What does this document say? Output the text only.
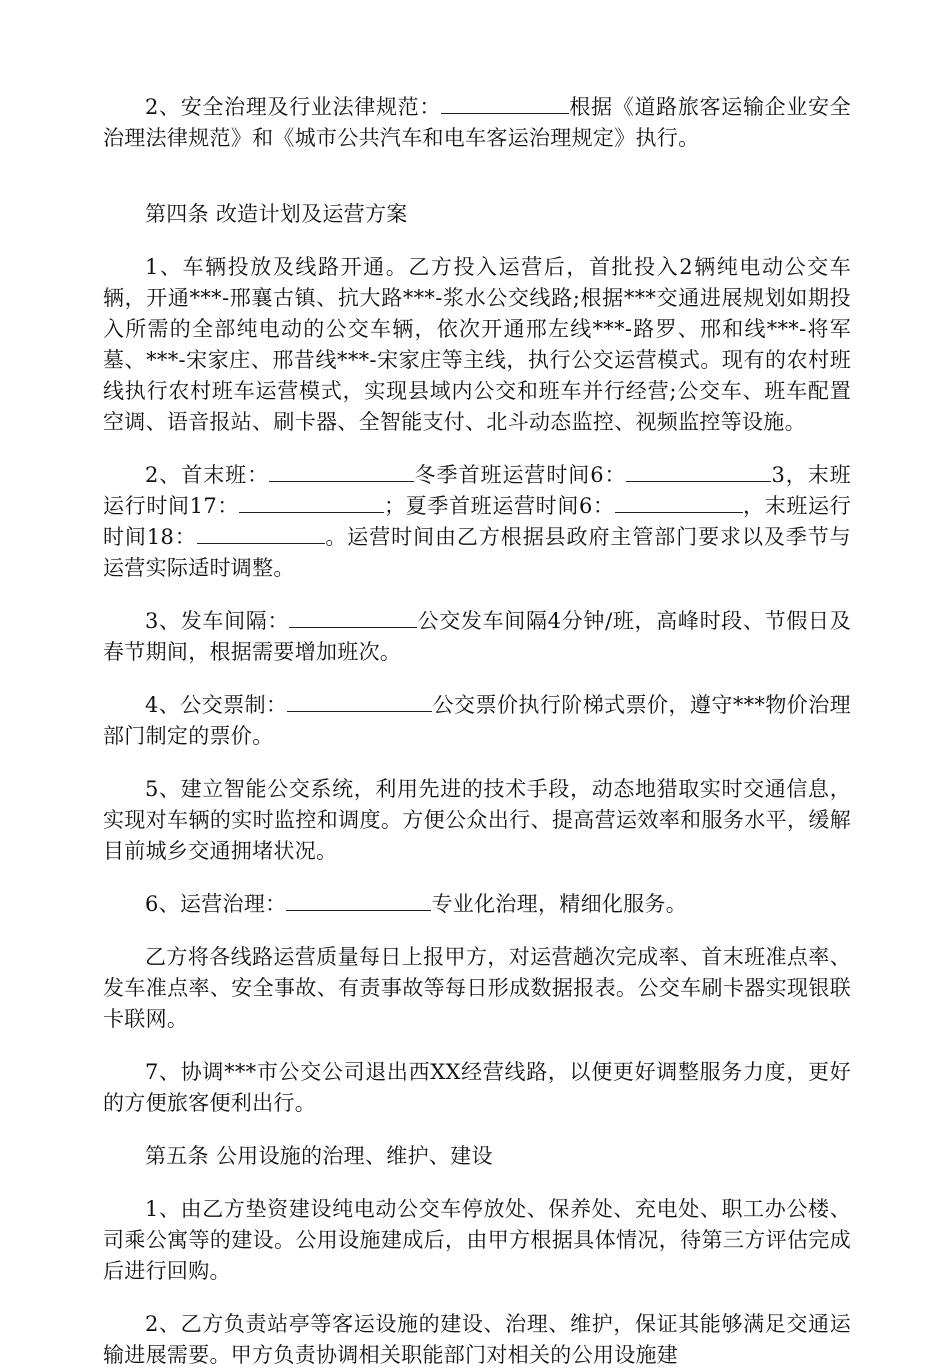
2、安全治理及行业法律规范：	根据《道路旅客运输企业安全治理法律规范》和《城市公共汽车和电车客运治理规定》执行。

第四条 改造计划及运营方案

1、车辆投放及线路开通。乙方投入运营后，首批投入2辆纯电动公交车辆，开通***-邢襄古镇、抗大路***-浆水公交线路;根据***交通进展规划如期投入所需的全部纯电动的公交车辆，依次开通邢左线***-路罗、邢和线***-将军墓、***-宋家庄、邢昔线***-宋家庄等主线，执行公交运营模式。现有的农村班线执行农村班车运营模式，实现县域内公交和班车并行经营;公交车、班车配置空调、语音报站、刷卡器、全智能支付、北斗动态监控、视频监控等设施。

2、首末班：	冬季首班运营时间6：	3，末班运行时间17：	；夏季首班运营时间6：	，末班运行时间18：	。运营时间由乙方根据县政府主管部门要求以及季节与运营实际适时调整。

3、发车间隔：	公交发车间隔4分钟/班，高峰时段、节假日及春节期间，根据需要增加班次。

4、公交票制：	公交票价执行阶梯式票价，遵守***物价治理部门制定的票价。

5、建立智能公交系统，利用先进的技术手段，动态地猎取实时交通信息，实现对车辆的实时监控和调度。方便公众出行、提高营运效率和服务水平，缓解目前城乡交通拥堵状况。

6、运营治理：	专业化治理，精细化服务。

乙方将各线路运营质量每日上报甲方，对运营趟次完成率、首末班准点率、发车准点率、安全事故、有责事故等每日形成数据报表。公交车刷卡器实现银联卡联网。

7、协调***市公交公司退出西XX经营线路，以便更好调整服务力度，更好的方便旅客便利出行。

第五条 公用设施的治理、维护、建设

1、由乙方垫资建设纯电动公交车停放处、保养处、充电处、职工办公楼、司乘公寓等的建设。公用设施建成后，由甲方根据具体情况，待第三方评估完成后进行回购。

2、乙方负责站亭等客运设施的建设、治理、维护，保证其能够满足交通运输进展需要。甲方负责协调相关职能部门对相关的公用设施建
